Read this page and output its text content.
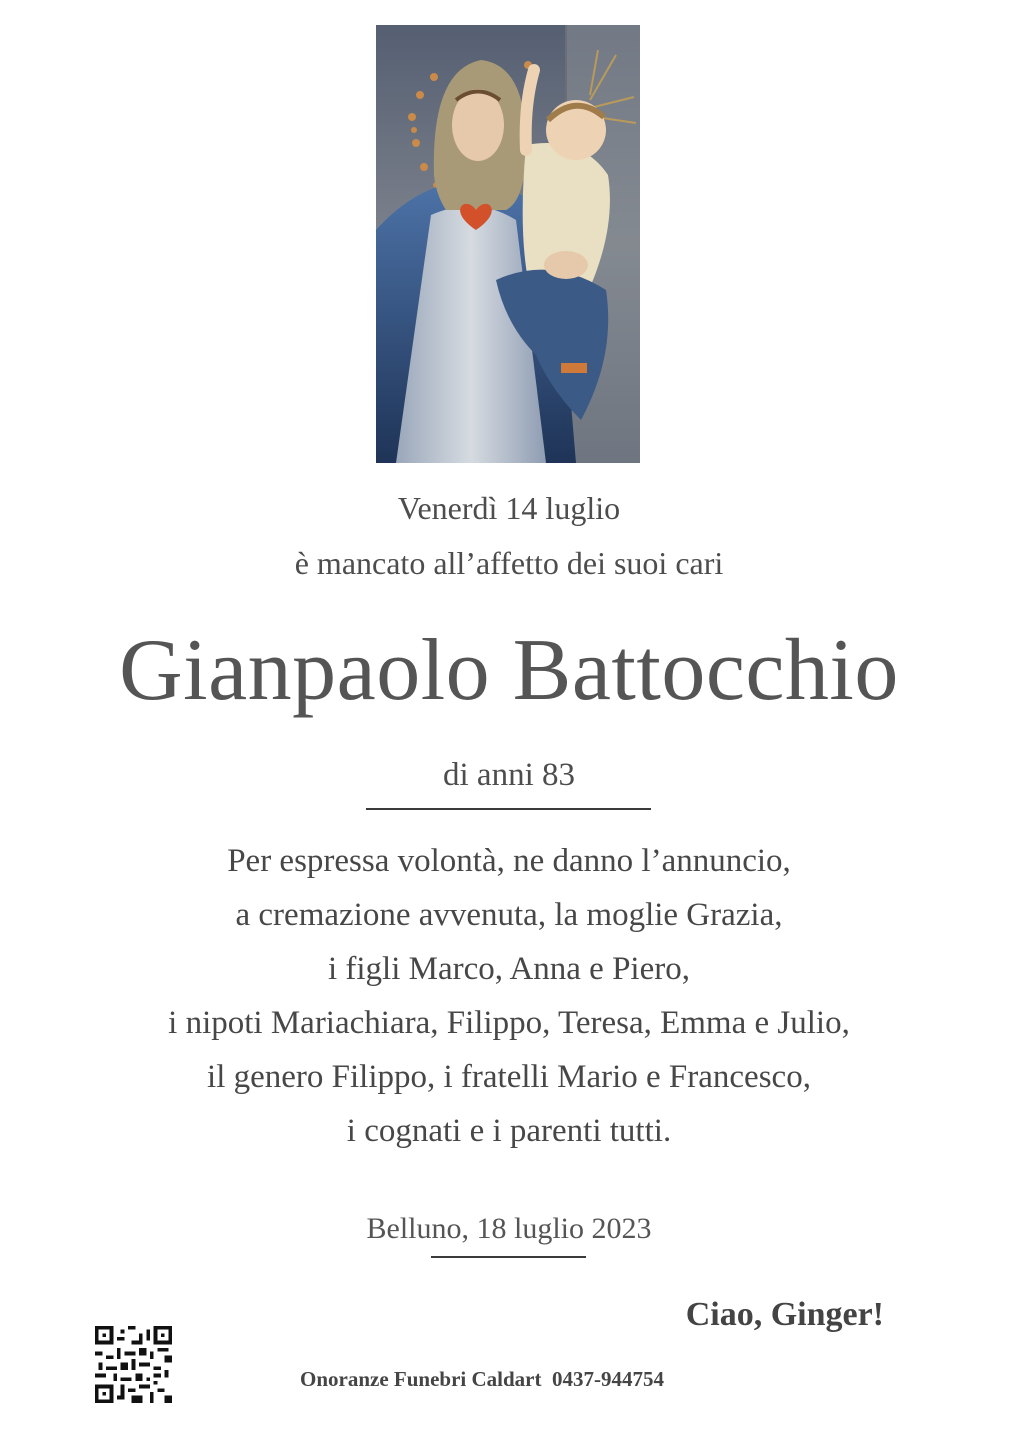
Venerdì 14 luglio
è mancato all’affetto dei suoi cari
Gianpaolo Battocchio
di anni 83
Per espressa volontà, ne danno l’annuncio,
a cremazione avvenuta, la moglie Grazia,
i figli Marco, Anna e Piero,
i nipoti Mariachiara, Filippo, Teresa, Emma e Julio,
il genero Filippo, i fratelli Mario e Francesco,
i cognati e i parenti tutti.
Belluno, 18 luglio 2023
Ciao, Ginger!
Onoranze Funebri Caldart  0437-944754
